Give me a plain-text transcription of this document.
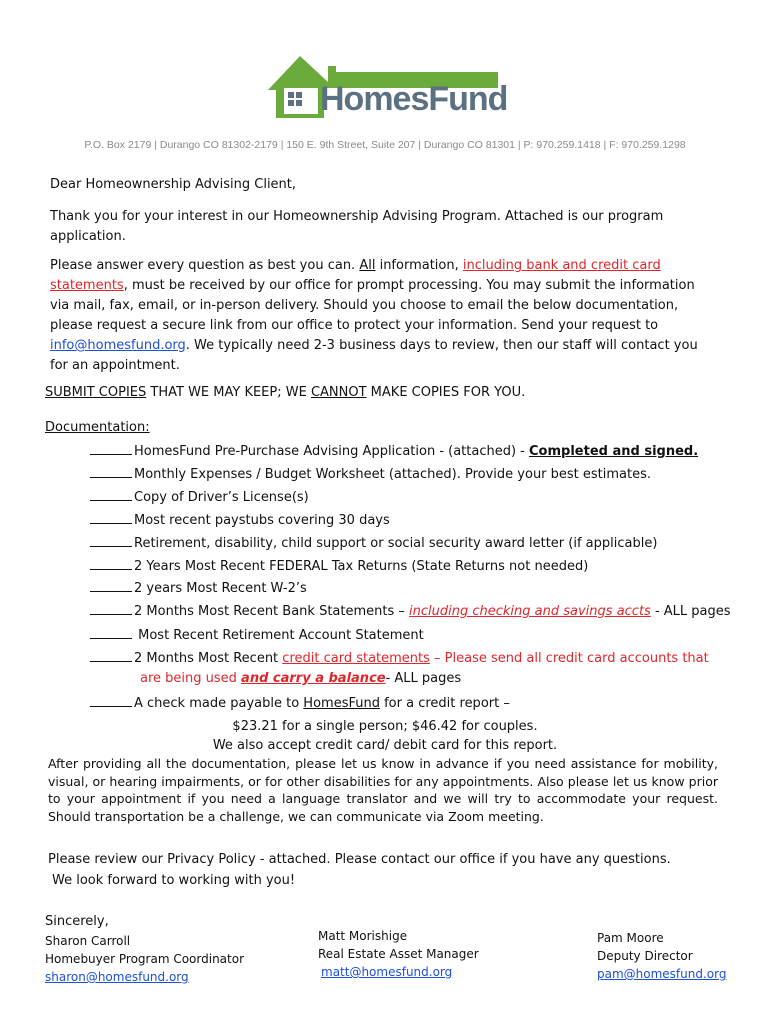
HomesFund
P.O. Box 2179 | Durango CO 81302-2179 | 150 E. 9th Street, Suite 207 | Durango CO 81301 | P: 970.259.1418 | F: 970.259.1298
Dear Homeownership Advising Client,
Thank you for your interest in our Homeownership Advising Program. Attached is our program application.
Please answer every question as best you can. All information, including bank and credit card statements, must be received by our office for prompt processing. You may submit the information via mail, fax, email, or in-person delivery. Should you choose to email the below documentation, please request a secure link from our office to protect your information. Send your request to info@homesfund.org. We typically need 2-3 business days to review, then our staff will contact you for an appointment.
SUBMIT COPIES THAT WE MAY KEEP; WE CANNOT MAKE COPIES FOR YOU.
Documentation:
HomesFund Pre-Purchase Advising Application - (attached) - Completed and signed.
Monthly Expenses / Budget Worksheet (attached). Provide your best estimates.
Copy of Driver’s License(s)
Most recent paystubs covering 30 days
Retirement, disability, child support or social security award letter (if applicable)
2 Years Most Recent FEDERAL Tax Returns (State Returns not needed)
2 years Most Recent W-2’s
2 Months Most Recent Bank Statements – including checking and savings accts - ALL pages
Most Recent Retirement Account Statement
2 Months Most Recent credit card statements – Please send all credit card accounts that
are being used and carry a balance- ALL pages
A check made payable to HomesFund for a credit report –
$23.21 for a single person; $46.42 for couples.
We also accept credit card/ debit card for this report.
After providing all the documentation, please let us know in advance if you need assistance for mobility, visual, or hearing impairments, or for other disabilities for any appointments. Also please let us know prior to your appointment if you need a language translator and we will try to accommodate your request. Should transportation be a challenge, we can communicate via Zoom meeting.
Please review our Privacy Policy - attached. Please contact our office if you have any questions.
We look forward to working with you!
Sincerely,
Sharon Carroll
Homebuyer Program Coordinator
sharon@homesfund.org
Matt Morishige
Real Estate Asset Manager
matt@homesfund.org
Pam Moore
Deputy Director
pam@homesfund.org
